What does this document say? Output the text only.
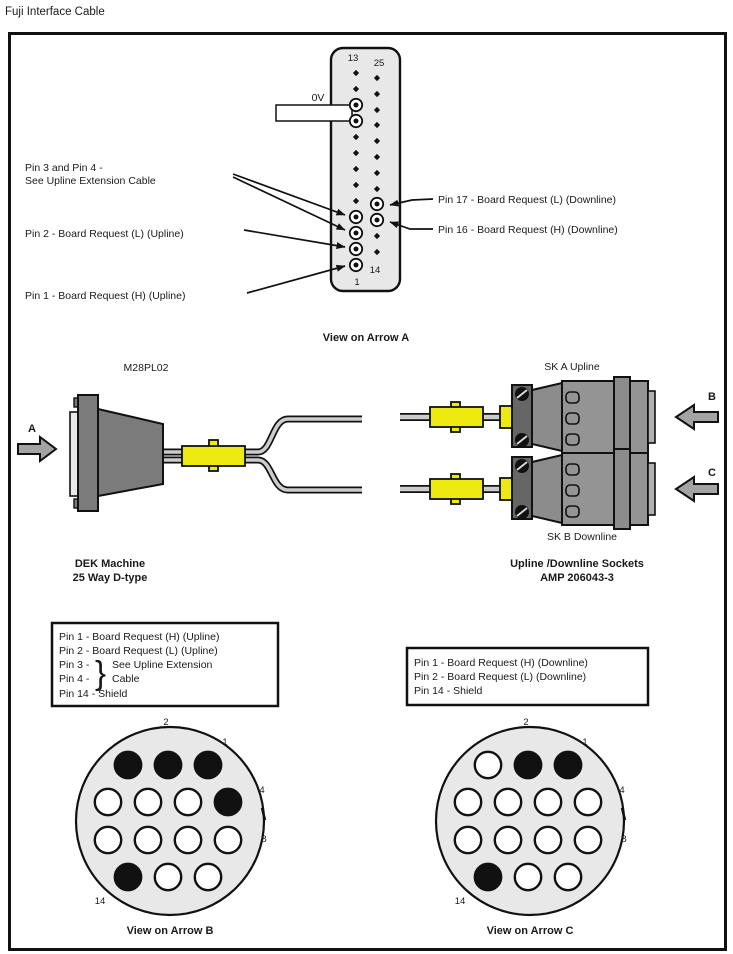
Fuji Interface Cable
13 25
1
14
0V
Pin 3 and Pin 4 -
See Upline Extension Cable
Pin 2 - Board Request (L) (Upline)
Pin 1 - Board Request (H) (Upline)
Pin 17 - Board Request (L) (Downline)
Pin 16 - Board Request (H) (Downline)
View on Arrow A
A
B
C
M28PL02	SK A Upline
SK B Downline
DEK Machine
25 Way D-type
Upline /Downline Sockets
AMP 206043-3
Pin 1 - Board Request (H) (Upline)
Pin 2 - Board Request (L) (Upline)
Pin 3 -
Pin 4 - } See Upline Extension
Cable
Pin 14 - Shield
Pin 1 - Board Request (H) (Downline)
Pin 2 - Board Request (L) (Downline)
Pin 14 - Shield
2
1
4
8
14
View on Arrow B
2
1
4
8
14
View on Arrow C
